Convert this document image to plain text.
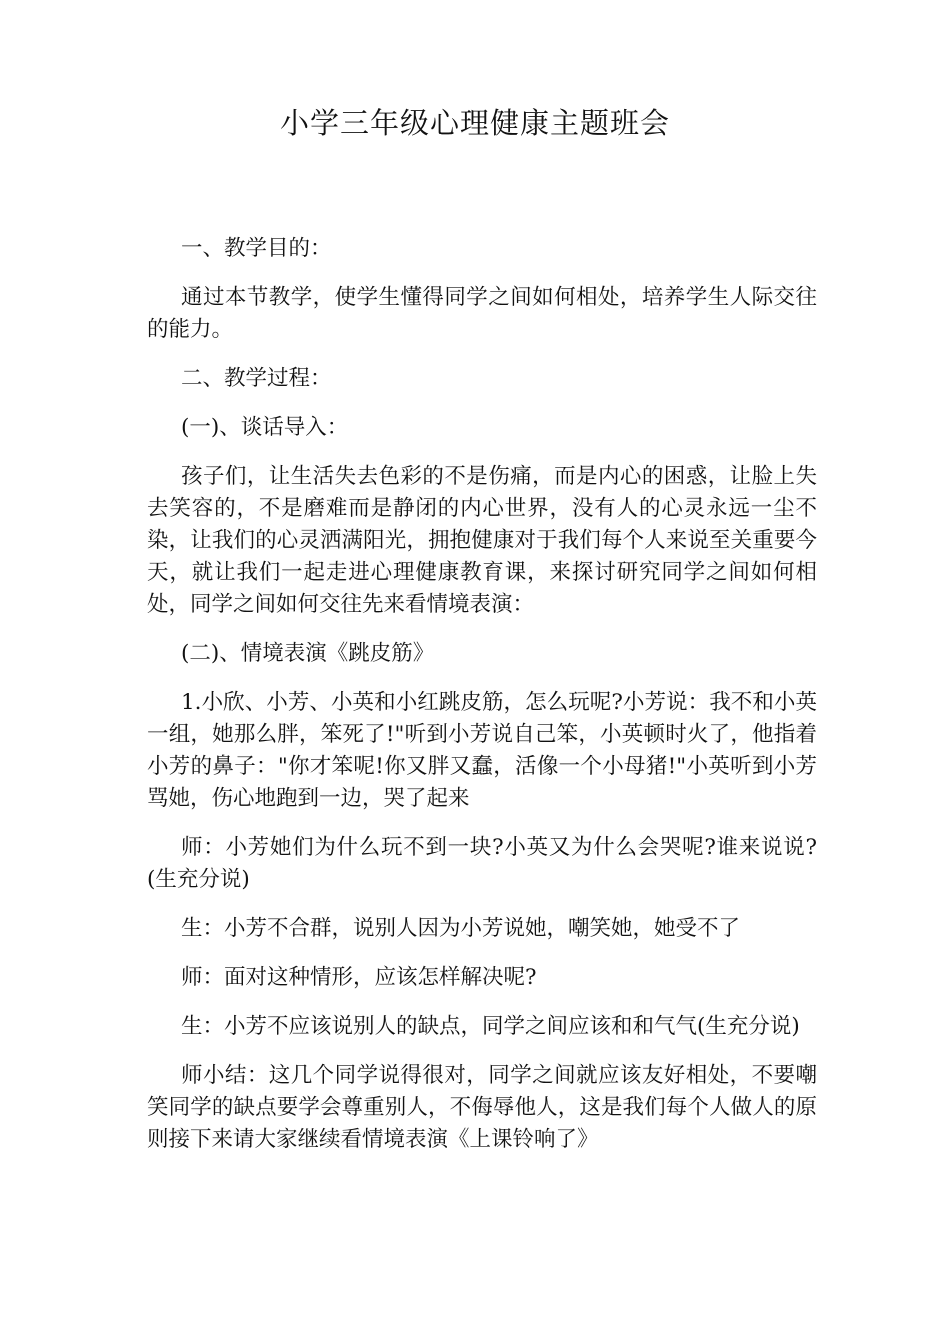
小学三年级心理健康主题班会

一、教学目的：

通过本节教学，使学生懂得同学之间如何相处，培养学生人际交往的能力。

二、教学过程：

(一)、谈话导入：

孩子们，让生活失去色彩的不是伤痛，而是内心的困惑，让脸上失去笑容的，不是磨难而是静闭的内心世界，没有人的心灵永远一尘不染，让我们的心灵洒满阳光，拥抱健康对于我们每个人来说至关重要今天，就让我们一起走进心理健康教育课，来探讨研究同学之间如何相处，同学之间如何交往先来看情境表演：

(二)、情境表演《跳皮筋》

1.小欣、小芳、小英和小红跳皮筋，怎么玩呢?小芳说：我不和小英一组，她那么胖，笨死了!"听到小芳说自己笨，小英顿时火了，他指着小芳的鼻子："你才笨呢!你又胖又蠢，活像一个小母猪!"小英听到小芳骂她，伤心地跑到一边，哭了起来

师：小芳她们为什么玩不到一块?小英又为什么会哭呢?谁来说说?(生充分说)

生：小芳不合群，说别人因为小芳说她，嘲笑她，她受不了

师：面对这种情形，应该怎样解决呢?

生：小芳不应该说别人的缺点，同学之间应该和和气气(生充分说)

师小结：这几个同学说得很对，同学之间就应该友好相处，不要嘲笑同学的缺点要学会尊重别人，不侮辱他人，这是我们每个人做人的原则接下来请大家继续看情境表演《上课铃响了》
